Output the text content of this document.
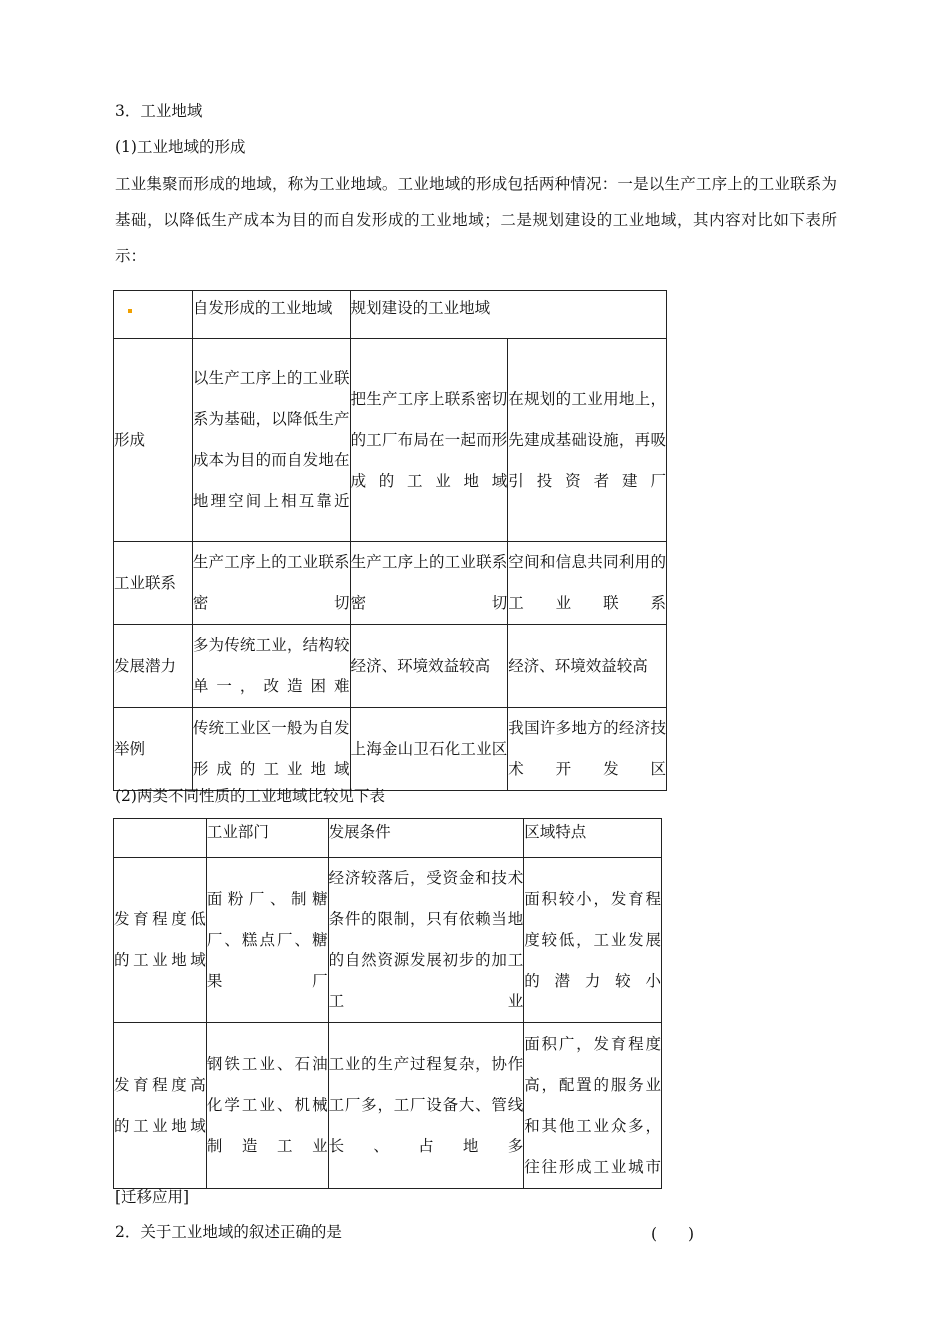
3．工业地域
(1)工业地域的形成
工业集聚而形成的地域，称为工业地域。工业地域的形成包括两种情况：一是以生产工序上的工业联系为基础，以降低生产成本为目的而自发形成的工业地域；二是规划建设的工业地域，其内容对比如下表所示：
	自发形成的工业地域	规划建设的工业地域	
形成	以生产工序上的工业联系为基础，以降低生产成本为目的而自发地在地理空间上相互靠近	把生产工序上联系密切的工厂布局在一起而形成的工业地域	在规划的工业用地上，先建成基础设施，再吸引投资者建厂
工业联系	生产工序上的工业联系密切	生产工序上的工业联系密切	空间和信息共同利用的工业联系
发展潜力	多为传统工业，结构较单一，改造困难	经济、环境效益较高	经济、环境效益较高
举例	传统工业区一般为自发形成的工业地域	上海金山卫石化工业区	我国许多地方的经济技术开发区
(2)两类不同性质的工业地域比较见下表
	工业部门	发展条件	区域特点
发育程度低的工业地域	面粉厂、制糖厂、糕点厂、糖果厂	经济较落后，受资金和技术条件的限制，只有依赖当地的自然资源发展初步的加工工业	面积较小，发育程度较低，工业发展的潜力较小
发育程度高的工业地域	钢铁工业、石油化学工业、机械制造工业	工业的生产过程复杂，协作工厂多，工厂设备大、管线长、占地多	面积广，发育程度高，配置的服务业和其他工业众多，往往形成工业城市
[迁移应用]
2．关于工业地域的叙述正确的是	(　　)
